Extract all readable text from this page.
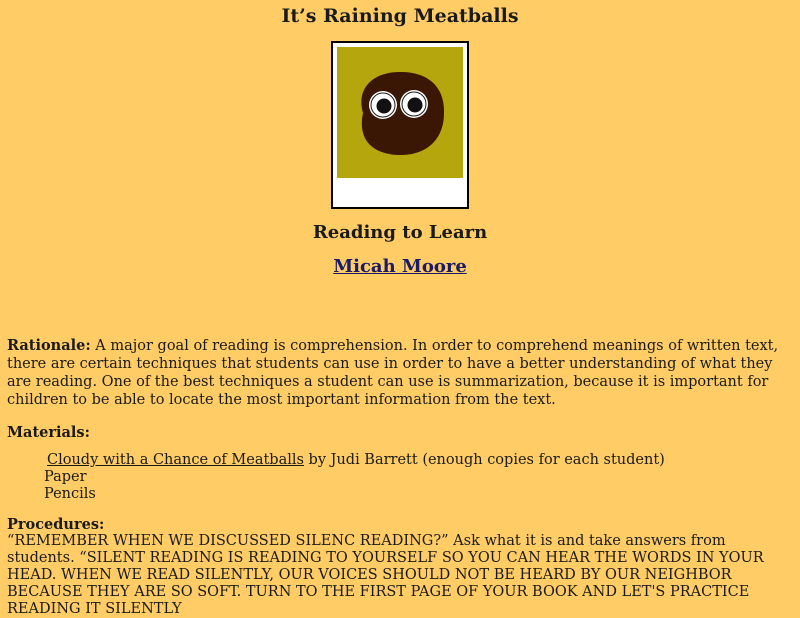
It’s Raining Meatballs
Reading to Learn
Micah Moore

Rationale: A major goal of reading is comprehension. In order to comprehend meanings of written text, there are certain techniques that students can use in order to have a better understanding of what they are reading. One of the best techniques a student can use is summarization, because it is important for children to be able to locate the most important information from the text.

Materials:

Cloudy with a Chance of Meatballs by Judi Barrett (enough copies for each student)
Paper
Pencils

Procedures:

“REMEMBER WHEN WE DISCUSSED SILENC READING?” Ask what it is and take answers from students. “SILENT READING IS READING TO YOURSELF SO YOU CAN HEAR THE WORDS IN YOUR HEAD. WHEN WE READ SILENTLY, OUR VOICES SHOULD NOT BE HEARD BY OUR NEIGHBOR BECAUSE THEY ARE SO SOFT. TURN TO THE FIRST PAGE OF YOUR BOOK AND LET'S PRACTICE READING IT SILENTLY
